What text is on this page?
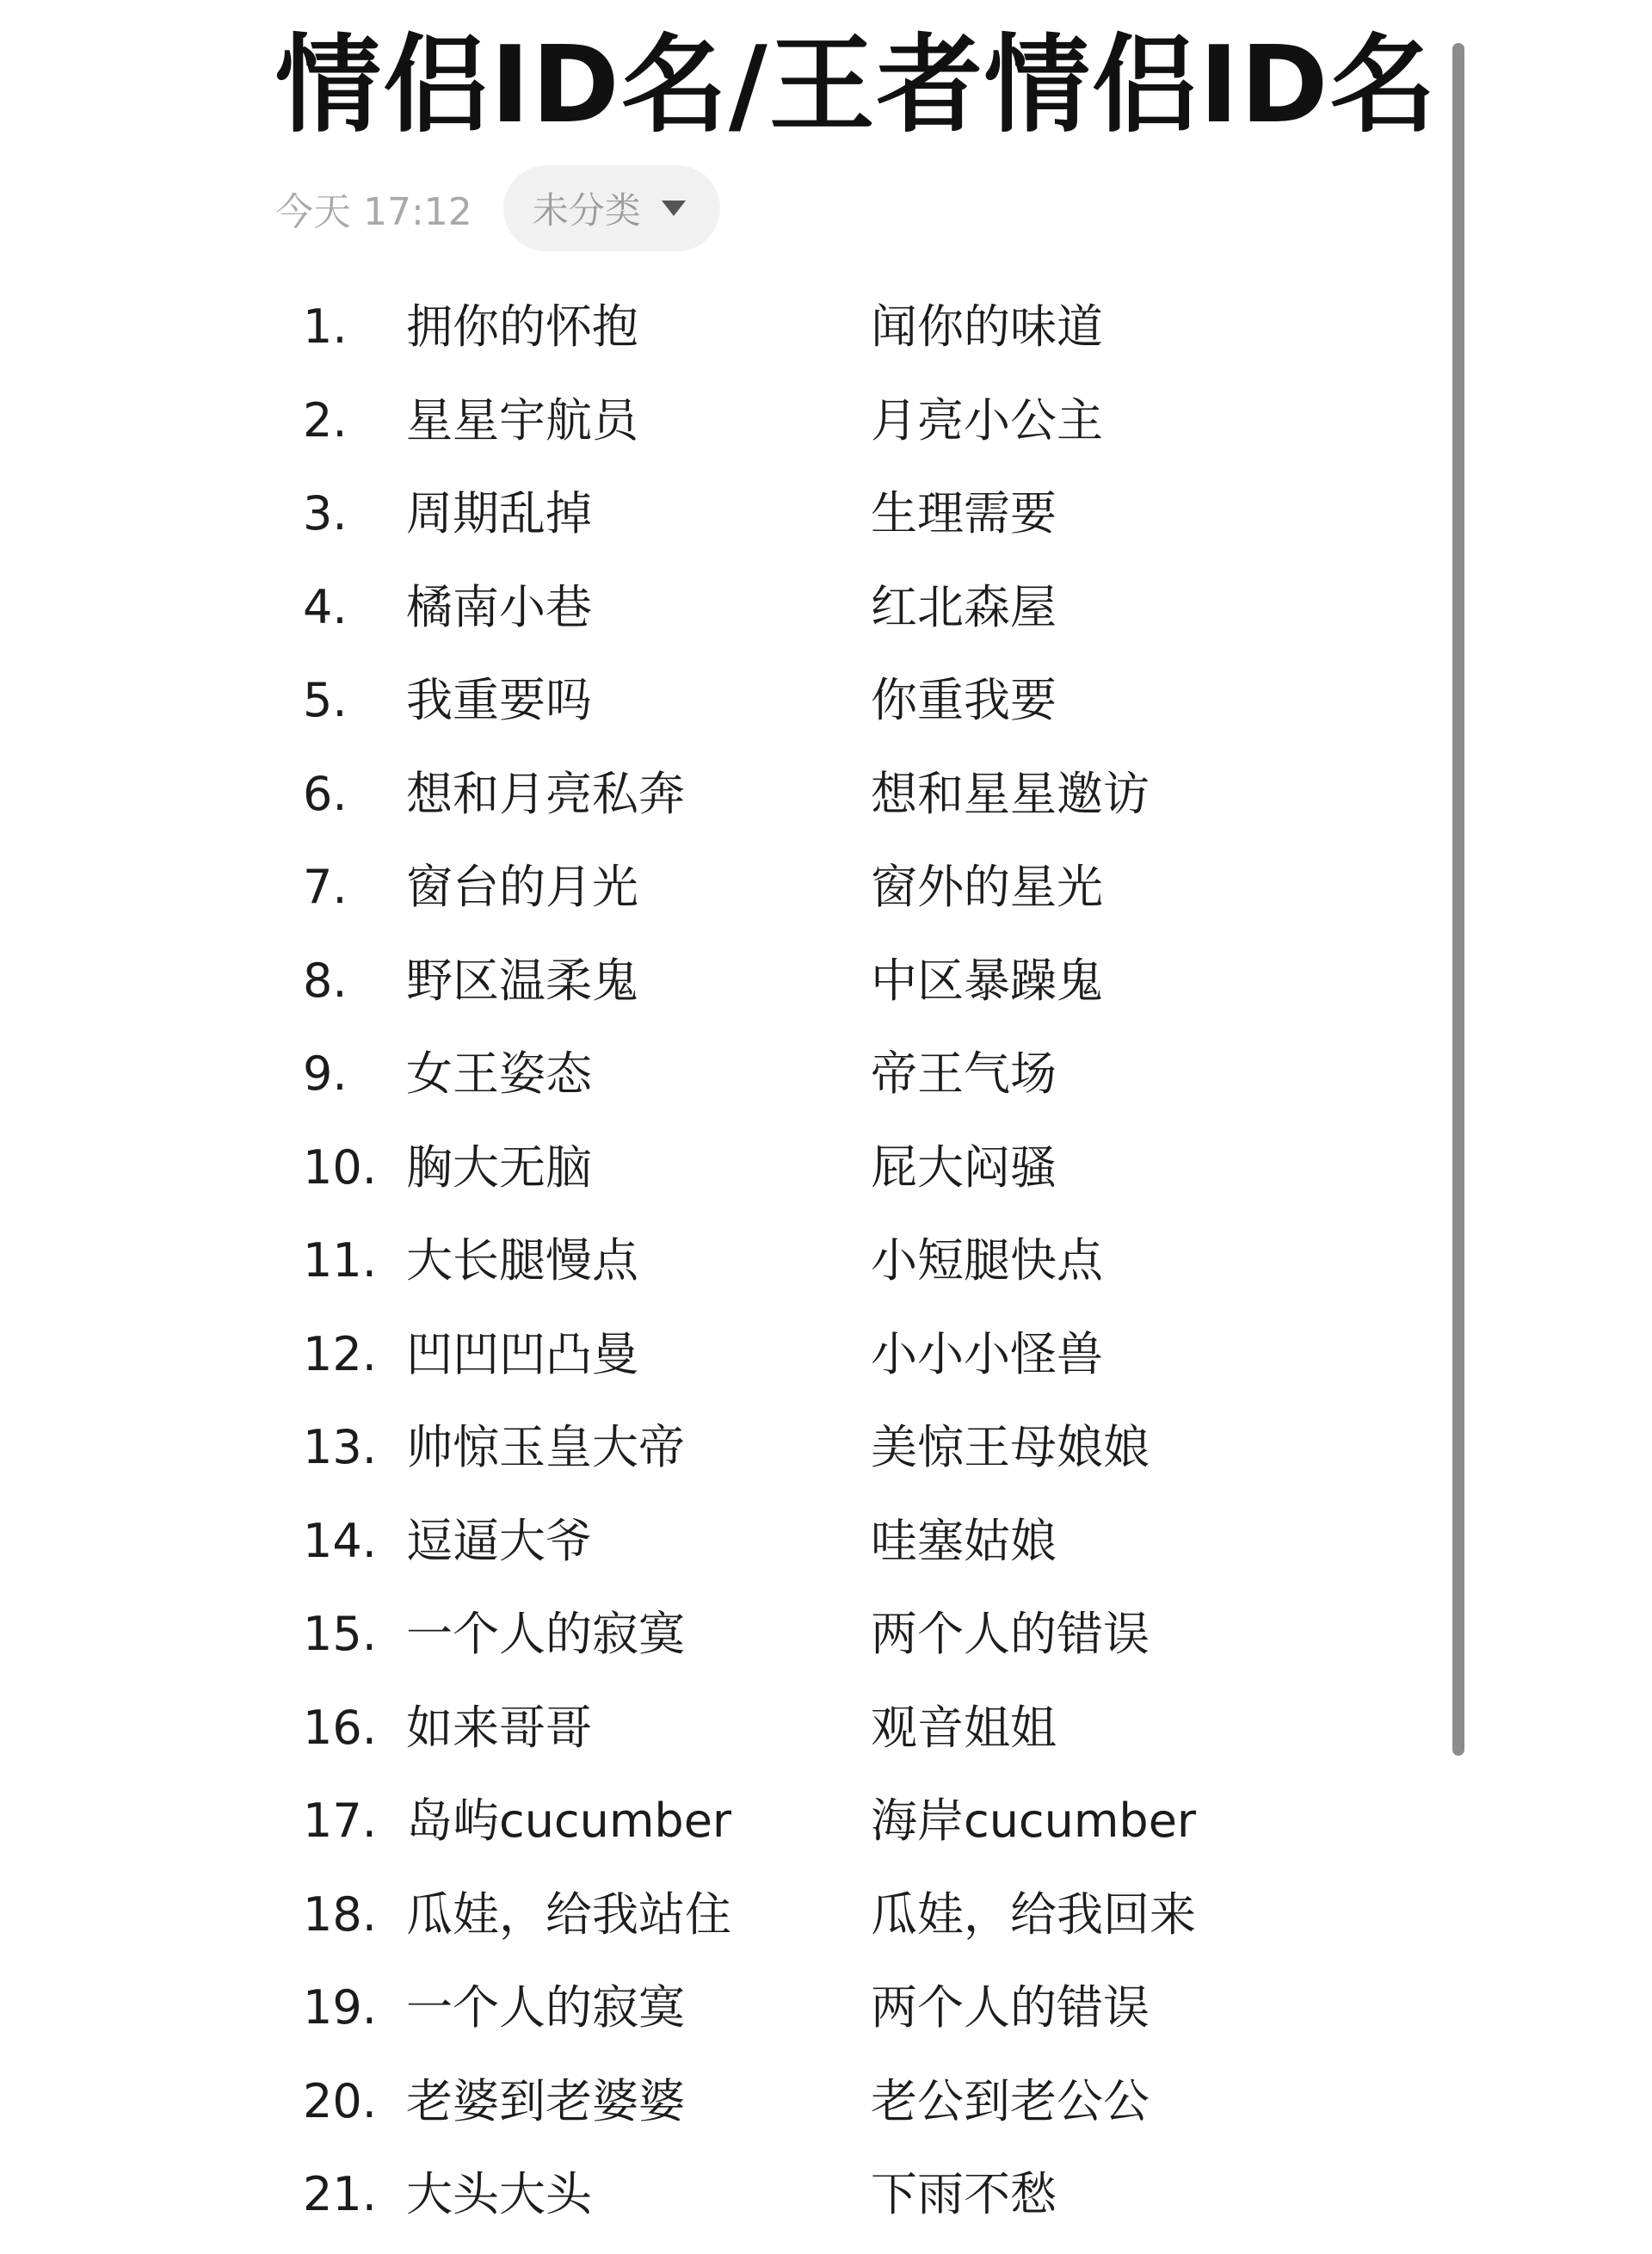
情侣ID名/王者情侣ID名
今天 17:12 未分类
1. 拥你的怀抱	闻你的味道
2. 星星宇航员	月亮小公主
3. 周期乱掉	生理需要
4. 橘南小巷	红北森屋
5. 我重要吗	你重我要
6. 想和月亮私奔	想和星星邀访
7. 窗台的月光	窗外的星光
8. 野区温柔鬼	中区暴躁鬼
9. 女王姿态	帝王气场
10. 胸大无脑	屁大闷骚
11. 大长腿慢点	小短腿快点
12. 凹凹凹凸曼	小小小怪兽
13. 帅惊玉皇大帝	美惊王母娘娘
14. 逗逼大爷	哇塞姑娘
15. 一个人的寂寞	两个人的错误
16. 如来哥哥	观音姐姐
17. 岛屿cucumber	海岸cucumber
18. 瓜娃，给我站住	瓜娃，给我回来
19. 一个人的寂寞	两个人的错误
20. 老婆到老婆婆	老公到老公公
21. 大头大头	下雨不愁
